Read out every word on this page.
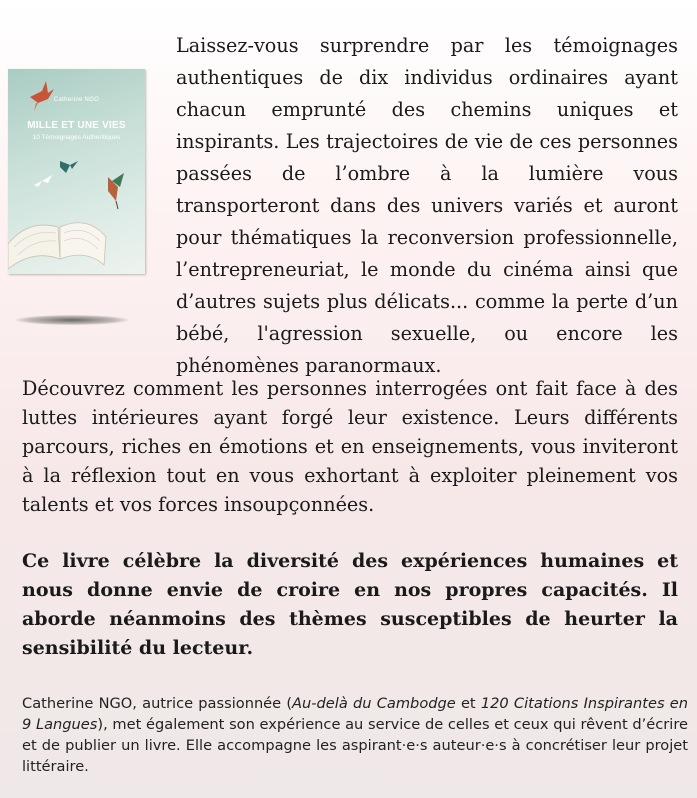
Catherine NGO
MILLE ET UNE VIES
10 Témoignages Authentiques

Laissez-vous surprendre par les témoignages authentiques de dix individus ordinaires ayant chacun emprunté des chemins uniques et inspirants. Les trajectoires de vie de ces personnes passées de l’ombre à la lumière vous transporteront dans des univers variés et auront pour thématiques la reconversion professionnelle, l’entrepreneuriat, le monde du cinéma ainsi que d’autres sujets plus délicats... comme la perte d’un bébé, l'agression sexuelle, ou encore les phénomènes paranormaux.

Découvrez comment les personnes interrogées ont fait face à des luttes intérieures ayant forgé leur existence. Leurs différents parcours, riches en émotions et en enseignements, vous inviteront à la réflexion tout en vous exhortant à exploiter pleinement vos talents et vos forces insoupçonnées.

Ce livre célèbre la diversité des expériences humaines et nous donne envie de croire en nos propres capacités. Il aborde néanmoins des thèmes susceptibles de heurter la sensibilité du lecteur.

Catherine NGO, autrice passionnée (Au-delà du Cambodge et 120 Citations Inspirantes en 9 Langues), met également son expérience au service de celles et ceux qui rêvent d’écrire et de publier un livre. Elle accompagne les aspirant·e·s auteur·e·s à concrétiser leur projet littéraire.
